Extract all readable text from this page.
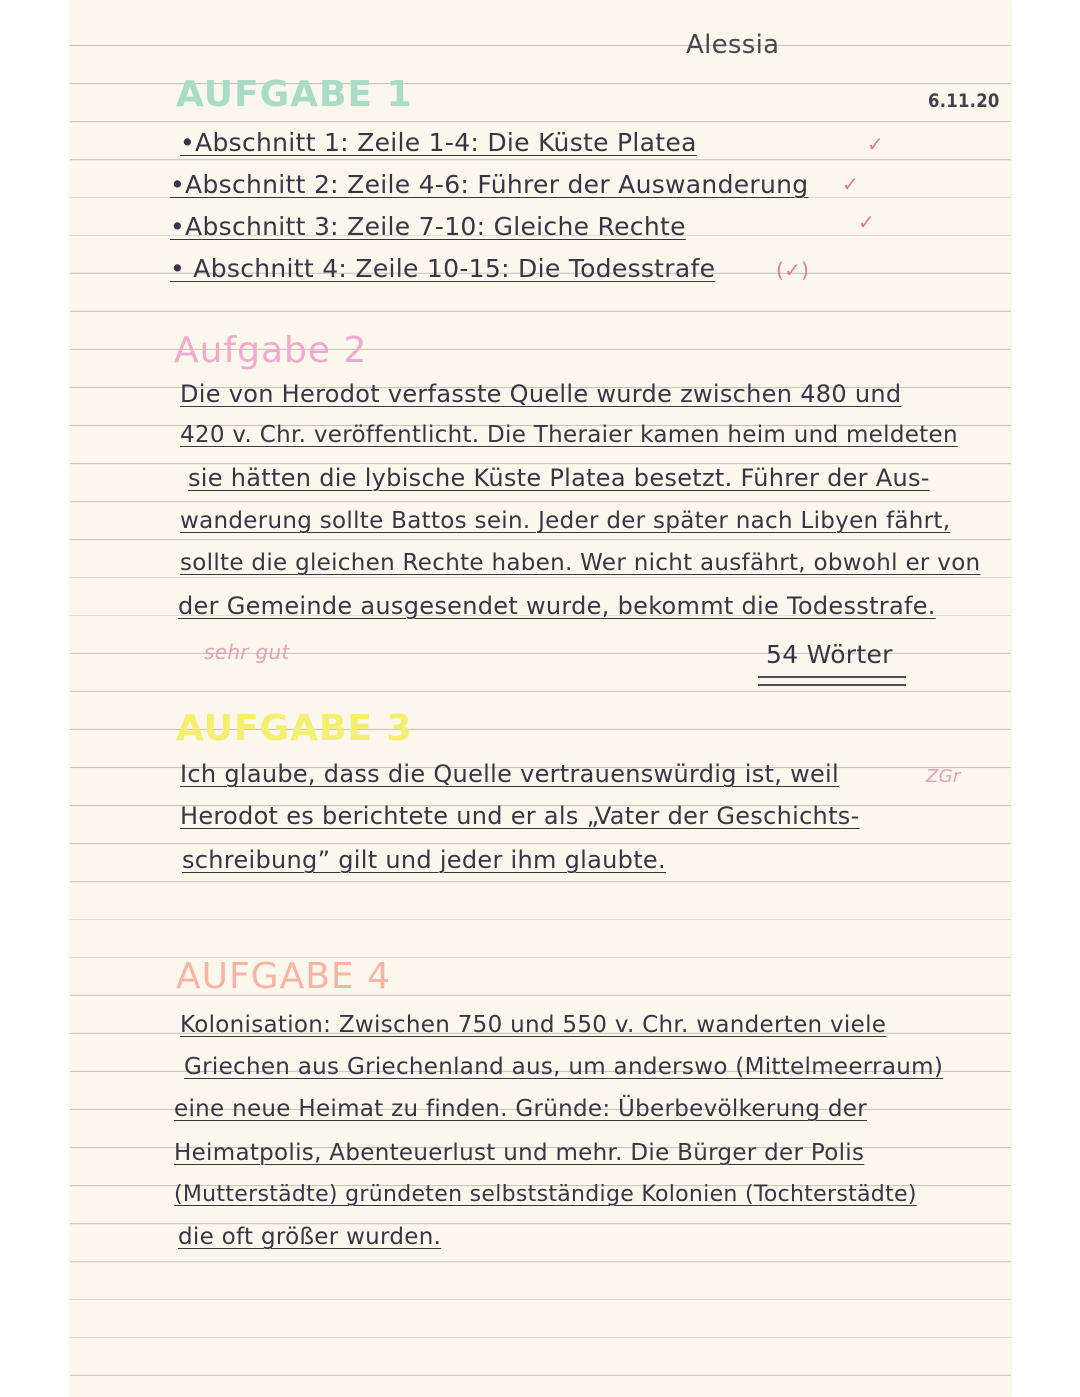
Alessia
6.11.20
AUFGABE 1
•Abschnitt 1: Zeile 1-4: Die Küste Platea
•Abschnitt 2: Zeile 4-6: Führer der Auswanderung
•Abschnitt 3: Zeile 7-10: Gleiche Rechte
• Abschnitt 4: Zeile 10-15: Die Todesstrafe
✓
✓
✓
(✓)
Aufgabe 2
Die von Herodot verfasste Quelle wurde zwischen 480 und
420 v. Chr. veröffentlicht. Die Theraier kamen heim und meldeten
sie hätten die lybische Küste Platea besetzt. Führer der Aus-
wanderung sollte Battos sein. Jeder der später nach Libyen fährt,
sollte die gleichen Rechte haben. Wer nicht ausfährt, obwohl er von
der Gemeinde ausgesendet wurde, bekommt die Todesstrafe.
sehr gut	54 Wörter
AUFGABE 3
Ich glaube, dass die Quelle vertrauenswürdig ist, weil
Herodot es berichtete und er als „Vater der Geschichts-
schreibung” gilt und jeder ihm glaubte.
ZGr
AUFGABE 4
Kolonisation: Zwischen 750 und 550 v. Chr. wanderten viele
Griechen aus Griechenland aus, um anderswo (Mittelmeerraum)
eine neue Heimat zu finden. Gründe: Überbevölkerung der
Heimatpolis, Abenteuerlust und mehr. Die Bürger der Polis
(Mutterstädte) gründeten selbstständige Kolonien (Tochterstädte)
die oft größer wurden.
